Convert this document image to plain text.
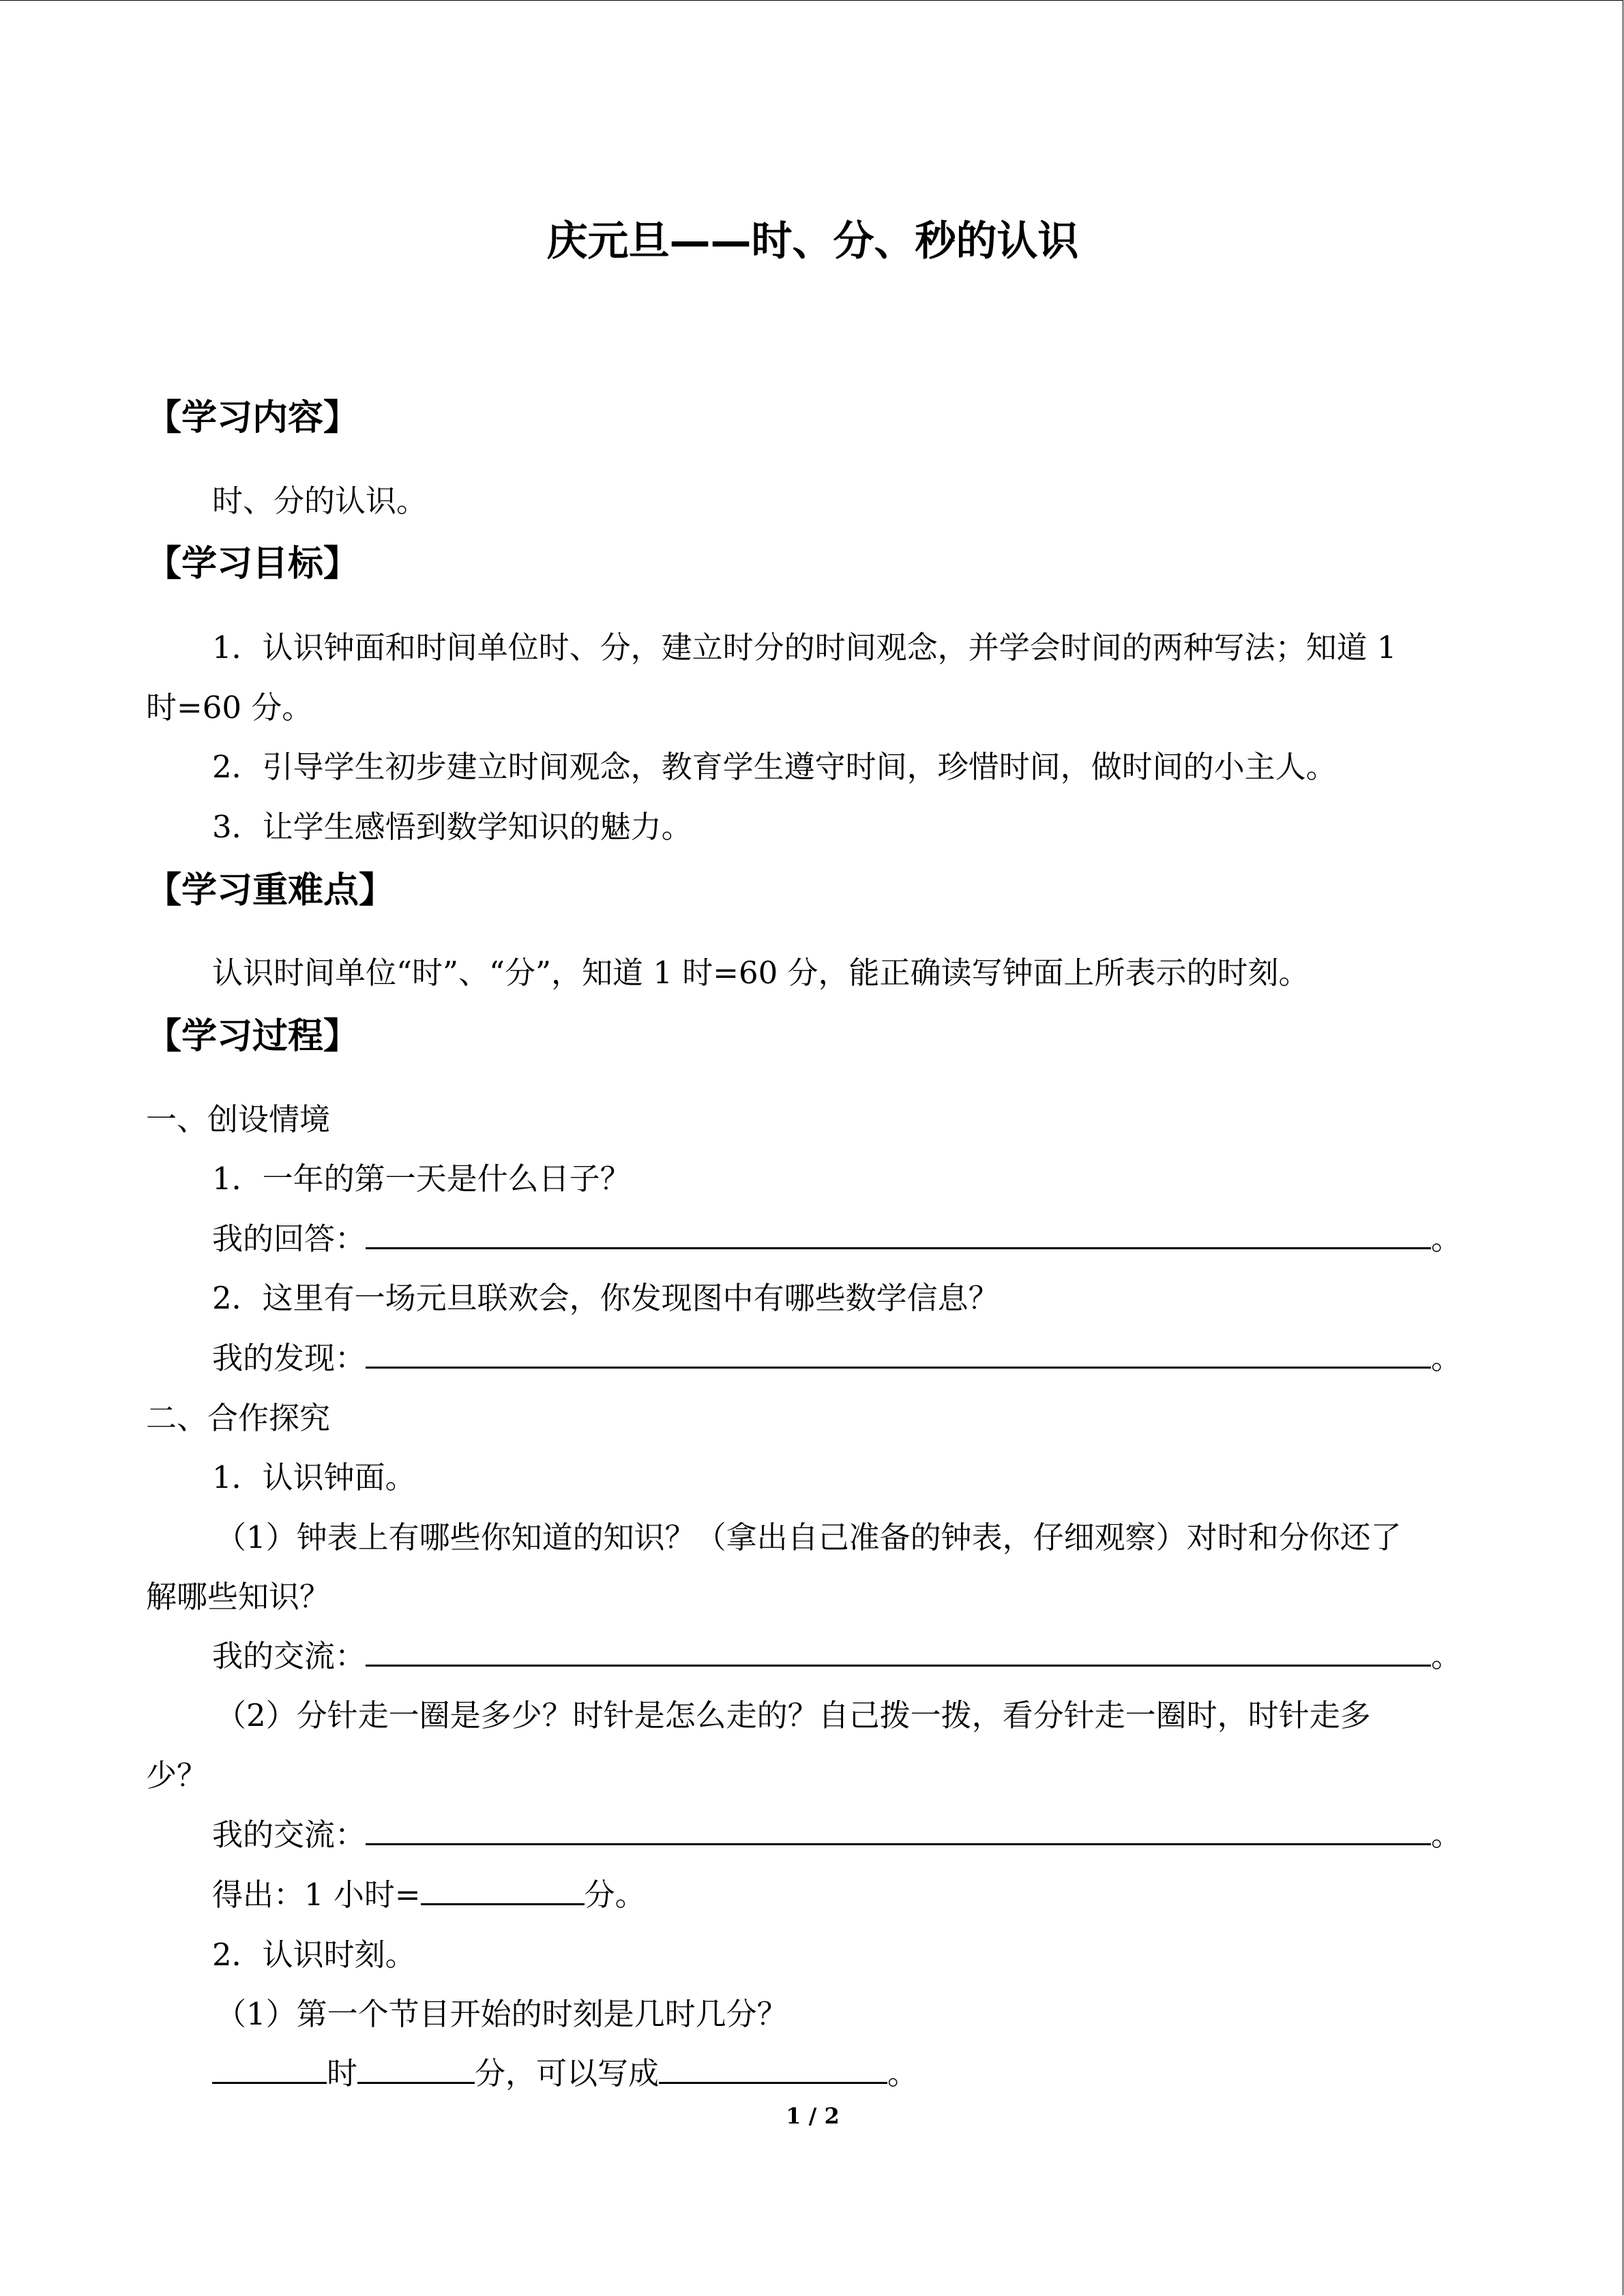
庆元旦——时、分、秒的认识
【学习内容】
时、分的认识。
【学习目标】
1．认识钟面和时间单位时、分，建立时分的时间观念，并学会时间的两种写法；知道 1
时=60 分。
2．引导学生初步建立时间观念，教育学生遵守时间，珍惜时间，做时间的小主人。
3．让学生感悟到数学知识的魅力。
【学习重难点】
认识时间单位“时”、“分”，知道 1 时=60 分，能正确读写钟面上所表示的时刻。
【学习过程】
一、创设情境
1．一年的第一天是什么日子？
我的回答：	。
2．这里有一场元旦联欢会，你发现图中有哪些数学信息？
我的发现：	。
二、合作探究
1．认识钟面。
（1）钟表上有哪些你知道的知识？（拿出自己准备的钟表，仔细观察）对时和分你还了
解哪些知识？
我的交流：	。
（2）分针走一圈是多少？时针是怎么走的？自己拨一拨，看分针走一圈时，时针走多
少？
我的交流：	。
得出：1 小时=	分。
2．认识时刻。
（1）第一个节目开始的时刻是几时几分？
时	分，可以写成	。
1 / 2
